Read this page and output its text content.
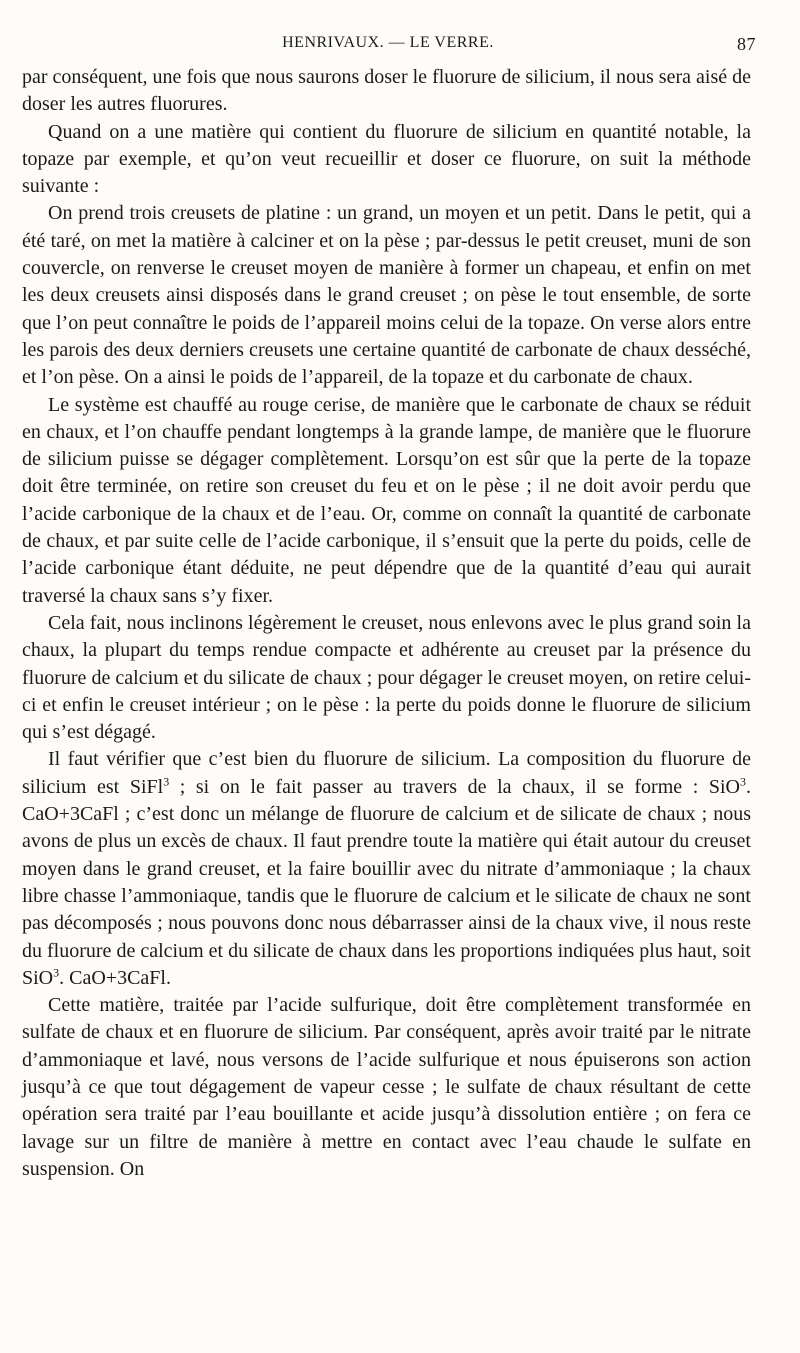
HENRIVAUX. — LE VERRE.	87

par conséquent, une fois que nous saurons doser le fluorure de silicium, il nous sera aisé de doser les autres fluorures.

Quand on a une matière qui contient du fluorure de silicium en quantité notable, la topaze par exemple, et qu’on veut recueillir et doser ce fluorure, on suit la méthode suivante :

On prend trois creusets de platine : un grand, un moyen et un petit. Dans le petit, qui a été taré, on met la matière à calciner et on la pèse ; par-dessus le petit creuset, muni de son couvercle, on renverse le creuset moyen de manière à former un chapeau, et enfin on met les deux creusets ainsi disposés dans le grand creuset ; on pèse le tout ensemble, de sorte que l’on peut connaître le poids de l’appareil moins celui de la topaze. On verse alors entre les parois des deux derniers creusets une certaine quantité de carbonate de chaux desséché, et l’on pèse. On a ainsi le poids de l’appareil, de la topaze et du carbonate de chaux.

Le système est chauffé au rouge cerise, de manière que le carbonate de chaux se réduit en chaux, et l’on chauffe pendant longtemps à la grande lampe, de manière que le fluorure de silicium puisse se dégager complètement. Lorsqu’on est sûr que la perte de la topaze doit être terminée, on retire son creuset du feu et on le pèse ; il ne doit avoir perdu que l’acide carbonique de la chaux et de l’eau. Or, comme on connaît la quantité de carbonate de chaux, et par suite celle de l’acide carbonique, il s’ensuit que la perte du poids, celle de l’acide carbonique étant déduite, ne peut dépendre que de la quantité d’eau qui aurait traversé la chaux sans s’y fixer.

Cela fait, nous inclinons légèrement le creuset, nous enlevons avec le plus grand soin la chaux, la plupart du temps rendue compacte et adhérente au creuset par la présence du fluorure de calcium et du silicate de chaux ; pour dégager le creuset moyen, on retire celui-ci et enfin le creuset intérieur ; on le pèse : la perte du poids donne le fluorure de silicium qui s’est dégagé.

Il faut vérifier que c’est bien du fluorure de silicium. La composition du fluorure de silicium est SiFl$^3$ ; si on le fait passer au travers de la chaux, il se forme : SiO$^3$. CaO+3CaFl ; c’est donc un mélange de fluorure de calcium et de silicate de chaux ; nous avons de plus un excès de chaux. Il faut prendre toute la matière qui était autour du creuset moyen dans le grand creuset, et la faire bouillir avec du nitrate d’ammoniaque ; la chaux libre chasse l’ammoniaque, tandis que le fluorure de calcium et le silicate de chaux ne sont pas décomposés ; nous pouvons donc nous débarrasser ainsi de la chaux vive, il nous reste du fluorure de calcium et du silicate de chaux dans les proportions indiquées plus haut, soit SiO$^3$. CaO+3CaFl.

Cette matière, traitée par l’acide sulfurique, doit être complètement transformée en sulfate de chaux et en fluorure de silicium. Par conséquent, après avoir traité par le nitrate d’ammoniaque et lavé, nous versons de l’acide sulfurique et nous épuiserons son action jusqu’à ce que tout dégagement de vapeur cesse ; le sulfate de chaux résultant de cette opération sera traité par l’eau bouillante et acide jusqu’à dissolution entière ; on fera ce lavage sur un filtre de manière à mettre en contact avec l’eau chaude le sulfate en suspension. On
